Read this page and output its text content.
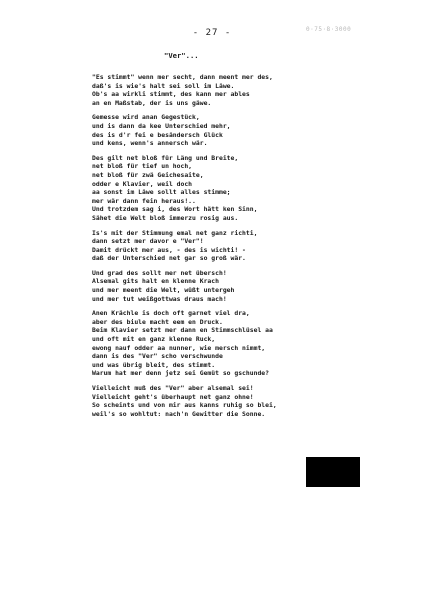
- 27 -	0·75·8·3000
"Ver"...
"Es stimmt" wenn mer secht, dann meent mer des,
daß's is wie's halt sei soll im Läwe.
Ob's aa wirkli stimmt, des kann mer ables
an en Maßstab, der is uns gäwe.
Gemesse wird anan Gegestück,
und is dann da kee Unterschied mehr,
des is d'r fei e besändersch Glück
und kens, wenn's annersch wär.
Des gilt net bloß für Läng und Breite,
net bloß für tief un hoch,
net bloß für zwä Geichesaite,
odder e Klavier, weil doch
aa sonst im Läwe sollt alles stimme;
mer wär dann fein heraus!..
Und trotzdem sag i, des Wort hätt ken Sinn,
Sähet die Welt bloß immerzu rosig aus.
Is's mit der Stimmung emal net ganz richti,
dann setzt mer davor e "Ver"!
Damit drückt mer aus, - des is wichti! -
daß der Unterschied net gar so groß wär.
Und grad des sollt mer net übersch!
Alsemal gits halt en klenne Krach
und mer meent die Welt, wüßt untergeh
und mer tut weißgottwas draus mach!
Anen Krächle is doch oft garnet viel dra,
aber des biule macht eem en Druck.
Beim Klavier setzt mer dann en Stimmschlüsel aa
und oft mit en ganz klenne Ruck,
ewong nauf odder aa nunner, wie mersch nimmt,
dann is des "Ver" scho verschwunde
und was übrig bleit, des stimmt.
Warum hat mer denn jetz sei Gemüt so gschunde?
Vielleicht muß des "Ver" aber alsemal sei!
Vielleicht geht's überhaupt net ganz ohne!
So scheints und von mir aus kanns ruhig so blei,
weil's so wohltut: nach'n Gewitter die Sonne.
